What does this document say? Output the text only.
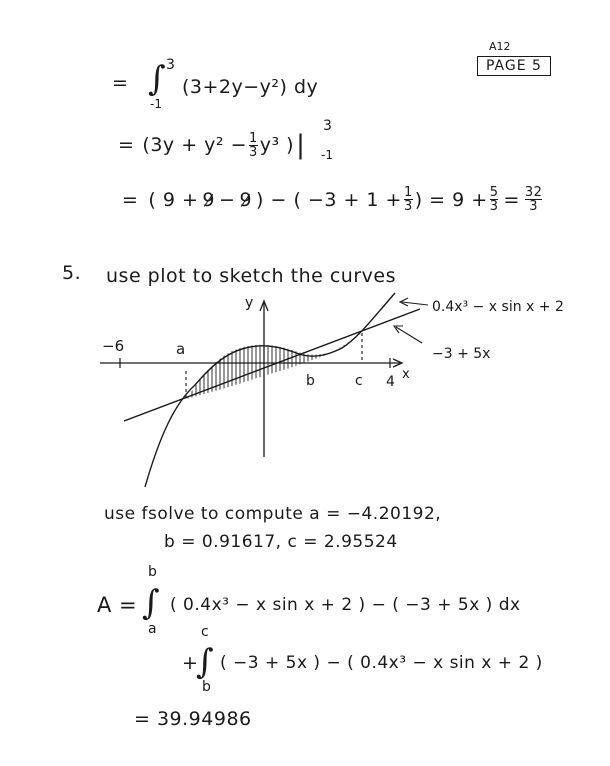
A12
PAGE 5
= ∫ 3
-1
(3+2y−y²) dy
= ($3y + y^2 - \frac{1}{3} y^3$ ) |
3
-1
= ( 9 + 9 − 9 ) − ( $-3 + 1 + \frac{1}{3}$ ) = $9 + \frac{5}{3} = \frac{32}{3}$
5. use plot to sketch the curves
y
x
−6
4
a
b	c
0.4x³ − x sin x + 2
−3 + 5x
use fsolve to compute a = −4.20192,
b = 0.91617, c = 2.95524
A =
b
∫
a
( 0.4x³ − x sin x + 2 ) − ( −3 + 5x ) dx
+
c
∫
b
( −3 + 5x ) − ( 0.4x³ − x sin x + 2 )
= 39.94986
